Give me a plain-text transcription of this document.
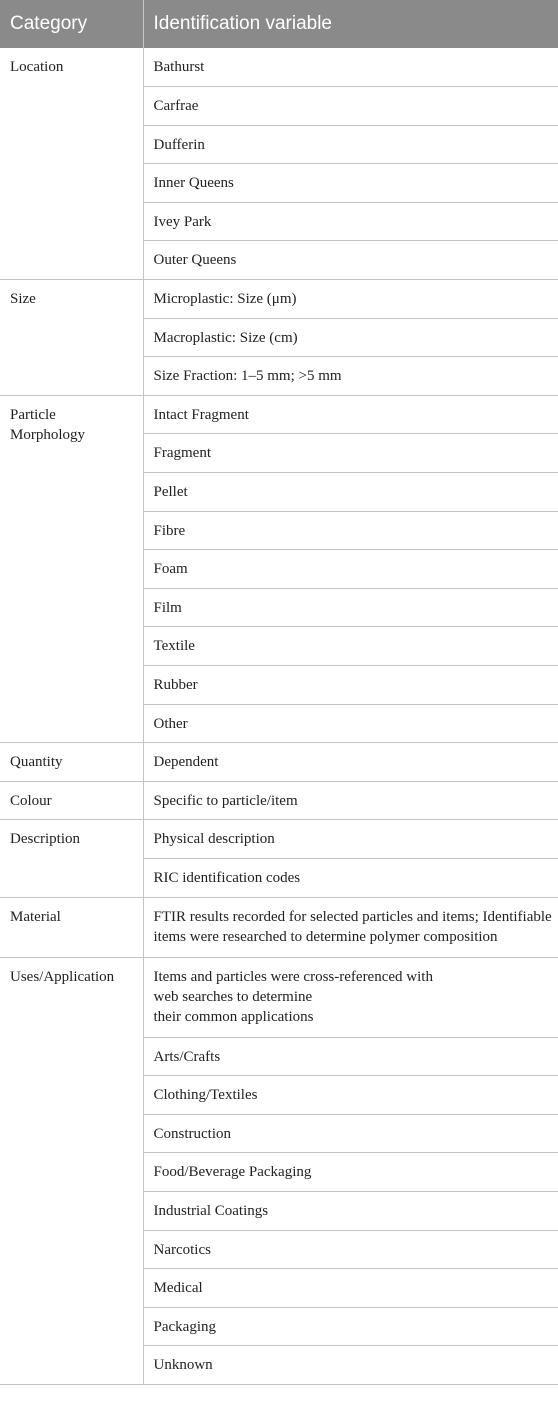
Category	Identification variable
Location	Bathurst
	Carfrae
	Dufferin
	Inner Queens
	Ivey Park
	Outer Queens
Size	Microplastic: Size (μm)
	Macroplastic: Size (cm)
	Size Fraction: 1–5 mm; >5 mm

Particle
Morphology	Intact Fragment
	Fragment
	Pellet
	Fibre
	Foam
	Film
	Textile
	Rubber
	Other
Quantity	Dependent
Colour	Specific to particle/item
Description	Physical description
	RIC identification codes
Material	FTIR results recorded for selected particles and items; Identifiable
items were researched to determine polymer composition

Uses/Application	Items and particles were cross-referenced with
web searches to determine
their common applications

	Arts/Crafts
	Clothing/Textiles
	Construction
	Food/Beverage Packaging
	Industrial Coatings
	Narcotics
	Medical
	Packaging
	Unknown
